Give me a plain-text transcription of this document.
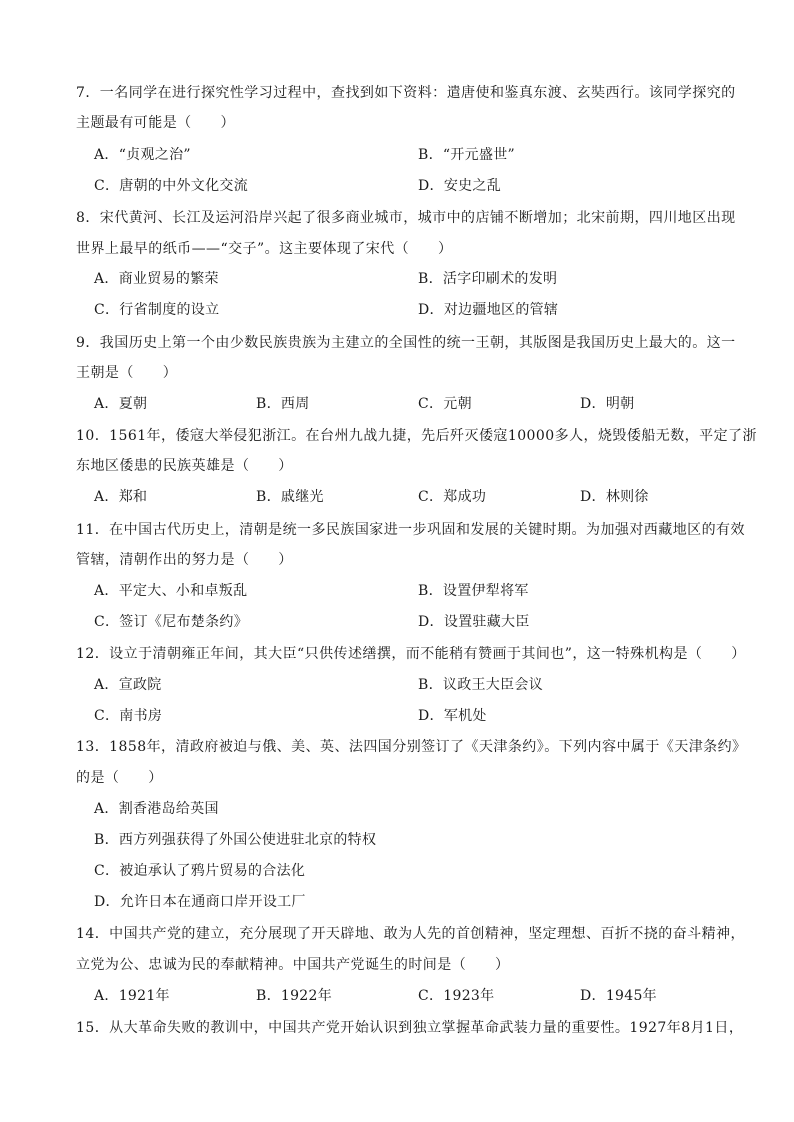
7．一名同学在进行探究性学习过程中，查找到如下资料：遣唐使和鉴真东渡、玄奘西行。该同学探究的
主题最有可能是（　　）
A．“贞观之治”	B．“开元盛世”
C．唐朝的中外文化交流	D．安史之乱
8．宋代黄河、长江及运河沿岸兴起了很多商业城市，城市中的店铺不断增加；北宋前期，四川地区出现
世界上最早的纸币——“交子”。这主要体现了宋代（　　）
A．商业贸易的繁荣	B．活字印刷术的发明
C．行省制度的设立	D．对边疆地区的管辖
9．我国历史上第一个由少数民族贵族为主建立的全国性的统一王朝，其版图是我国历史上最大的。这一
王朝是（　　）
A．夏朝	B．西周	C．元朝	D．明朝
10．1561年，倭寇大举侵犯浙江。在台州九战九捷，先后歼灭倭寇10000多人，烧毁倭船无数，平定了浙
东地区倭患的民族英雄是（　　）
A．郑和	B．戚继光	C．郑成功	D．林则徐
11．在中国古代历史上，清朝是统一多民族国家进一步巩固和发展的关键时期。为加强对西藏地区的有效
管辖，清朝作出的努力是（　　）
A．平定大、小和卓叛乱	B．设置伊犁将军
C．签订《尼布楚条约》	D．设置驻藏大臣
12．设立于清朝雍正年间，其大臣“只供传述缮撰，而不能稍有赞画于其间也”，这一特殊机构是（　　）
A．宣政院	B．议政王大臣会议
C．南书房	D．军机处
13．1858年，清政府被迫与俄、美、英、法四国分别签订了《天津条约》。下列内容中属于《天津条约》
的是（　　）
A．割香港岛给英国
B．西方列强获得了外国公使进驻北京的特权
C．被迫承认了鸦片贸易的合法化
D．允许日本在通商口岸开设工厂
14．中国共产党的建立，充分展现了开天辟地、敢为人先的首创精神，坚定理想、百折不挠的奋斗精神，
立党为公、忠诚为民的奉献精神。中国共产党诞生的时间是（　　）
A．1921年	B．1922年	C．1923年	D．1945年
15．从大革命失败的教训中，中国共产党开始认识到独立掌握革命武装力量的重要性。1927年8月1日，
